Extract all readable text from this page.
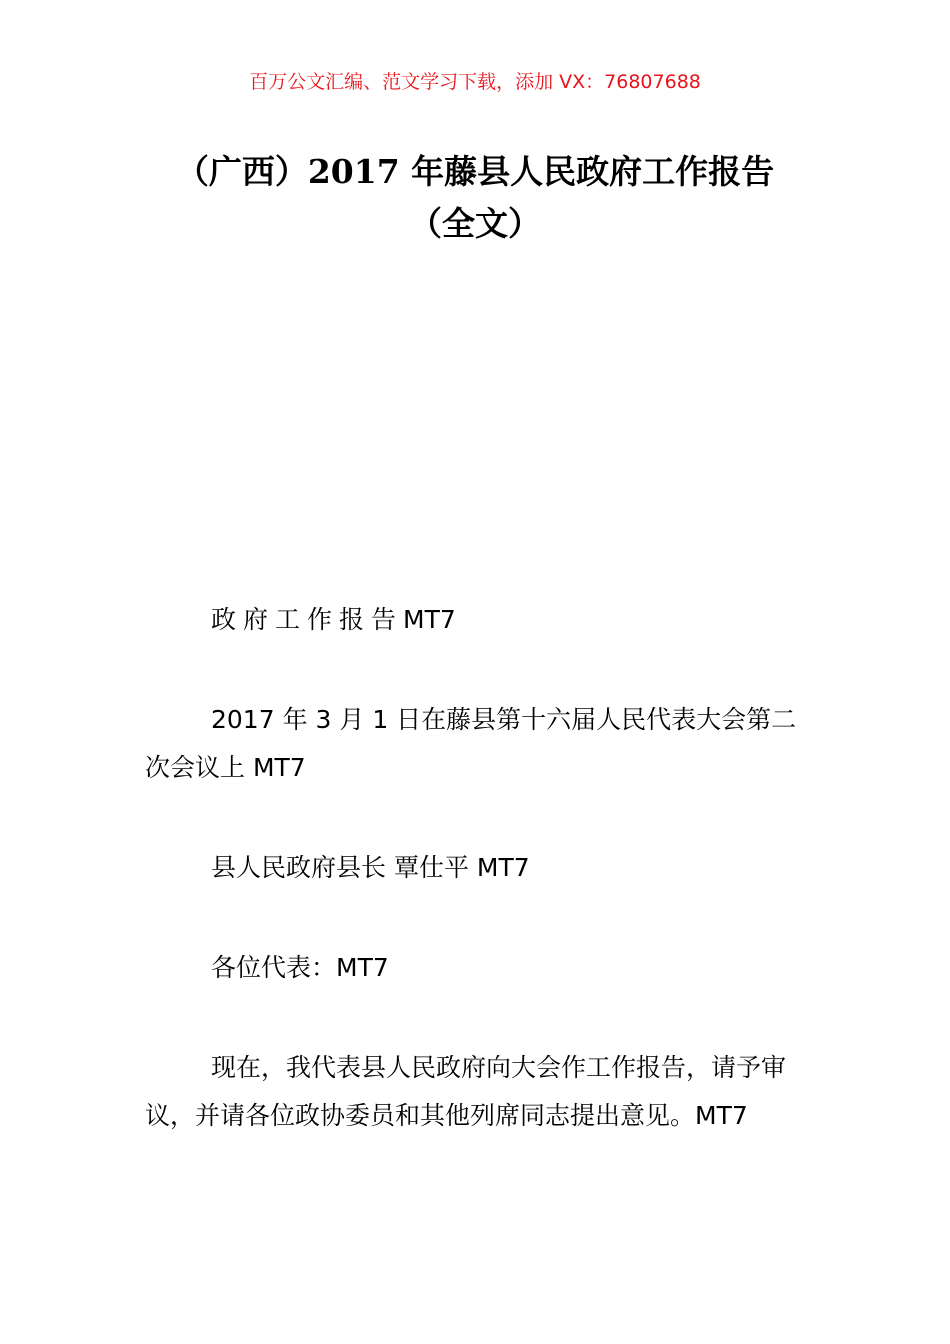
百万公文汇编、范文学习下载，添加 VX：76807688
（广西）2017 年藤县人民政府工作报告
（全文）

政府工作报告MT7

2017 年 3 月 1 日在藤县第十六届人民代表大会第二次会议上 MT7

县人民政府县长 覃仕平 MT7

各位代表：MT7

现在，我代表县人民政府向大会作工作报告，请予审议，并请各位政协委员和其他列席同志提出意见。MT7
